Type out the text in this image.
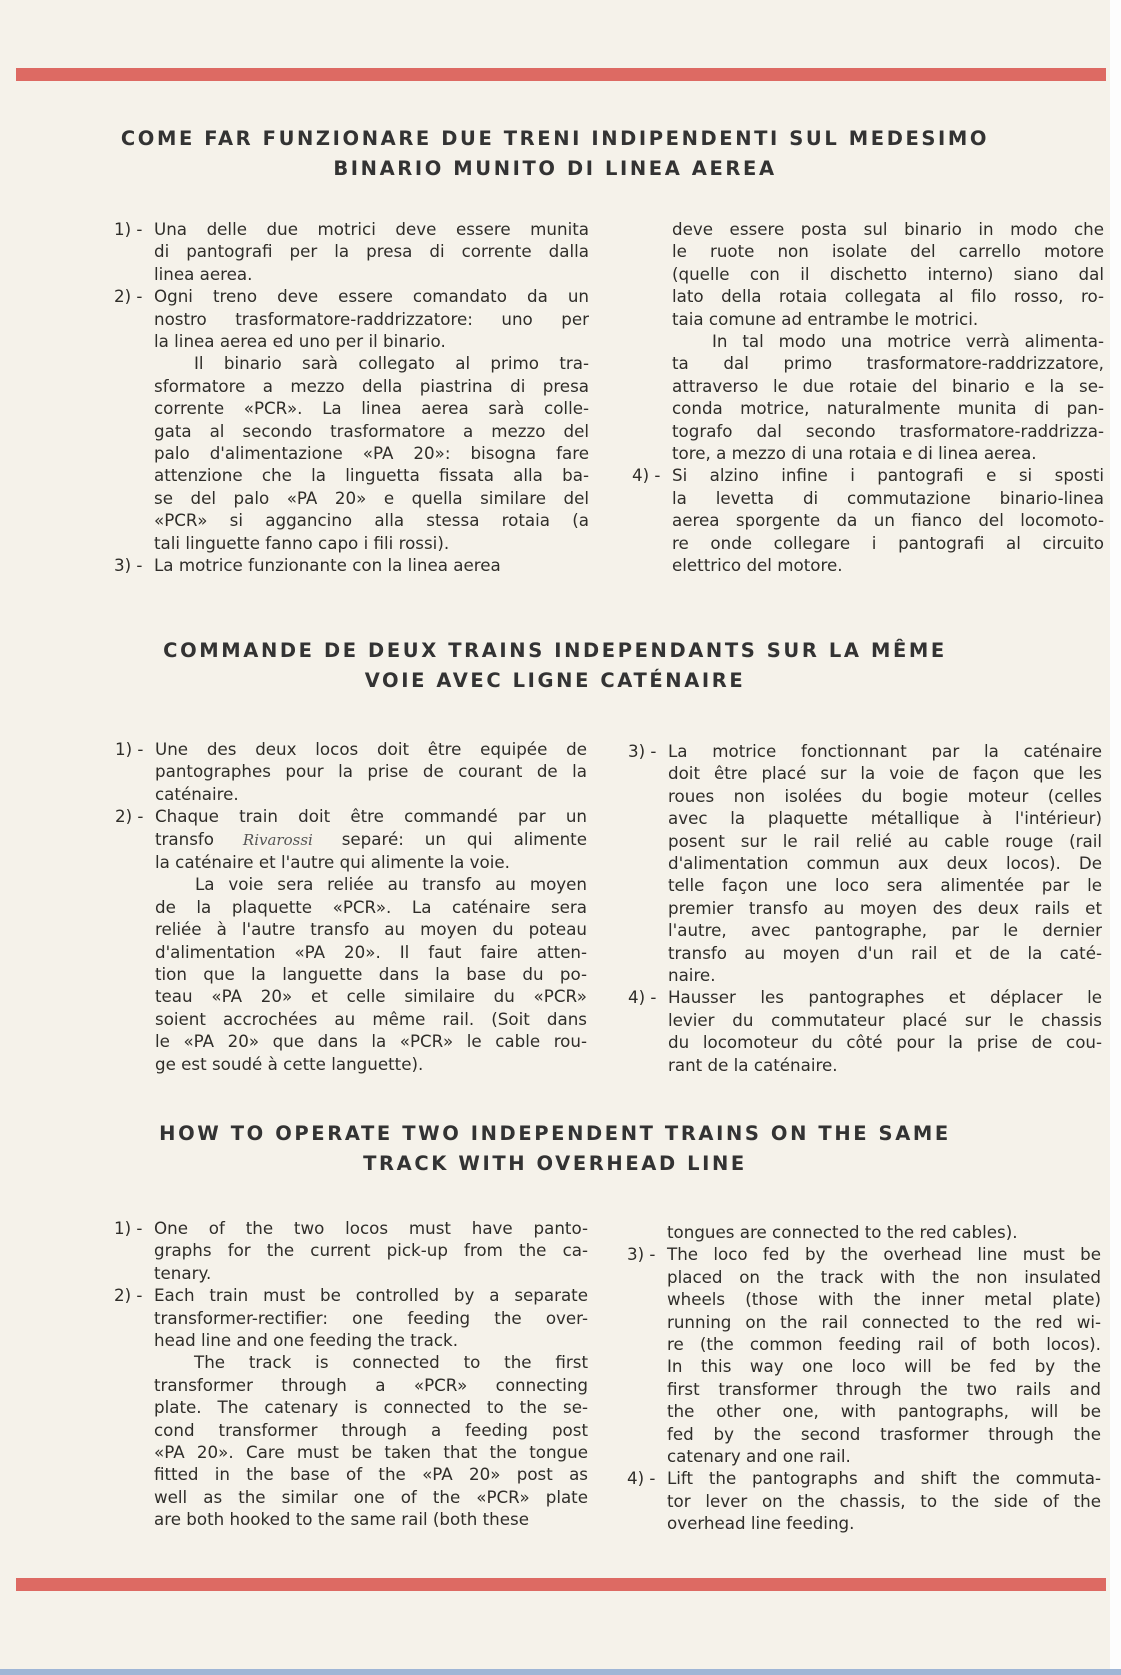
COME FAR FUNZIONARE DUE TRENI INDIPENDENTI SUL MEDESIMO
BINARIO MUNITO DI LINEA AEREA
1) - Una delle due motrici deve essere munita
di pantografi per la presa di corrente dalla
linea aerea.
2) - Ogni treno deve essere comandato da un
nostro trasformatore-raddrizzatore: uno per
la linea aerea ed uno per il binario.
Il binario sarà collegato al primo tra-
sformatore a mezzo della piastrina di presa
corrente «PCR». La linea aerea sarà colle-
gata al secondo trasformatore a mezzo del
palo d'alimentazione «PA 20»: bisogna fare
attenzione che la linguetta fissata alla ba-
se del palo «PA 20» e quella similare del
«PCR» si aggancino alla stessa rotaia (a
tali linguette fanno capo i fili rossi).
3) - La motrice funzionante con la linea aerea
deve essere posta sul binario in modo che
le ruote non isolate del carrello motore
(quelle con il dischetto interno) siano dal
lato della rotaia collegata al filo rosso, ro-
taia comune ad entrambe le motrici.
In tal modo una motrice verrà alimenta-
ta dal primo trasformatore-raddrizzatore,
attraverso le due rotaie del binario e la se-
conda motrice, naturalmente munita di pan-
tografo dal secondo trasformatore-raddrizza-
tore, a mezzo di una rotaia e di linea aerea.
4) - Si alzino infine i pantografi e si sposti
la levetta di commutazione binario-linea
aerea sporgente da un fianco del locomoto-
re onde collegare i pantografi al circuito
elettrico del motore.
COMMANDE DE DEUX TRAINS INDEPENDANTS SUR LA MÊME
VOIE AVEC LIGNE CATÉNAIRE
1) - Une des deux locos doit être equipée de
pantographes pour la prise de courant de la
caténaire.
2) - Chaque train doit être commandé par un
transfo Rivarossi separé: un qui alimente
la caténaire et l'autre qui alimente la voie.
La voie sera reliée au transfo au moyen
de la plaquette «PCR». La caténaire sera
reliée à l'autre transfo au moyen du poteau
d'alimentation «PA 20». Il faut faire atten-
tion que la languette dans la base du po-
teau «PA 20» et celle similaire du «PCR»
soient accrochées au même rail. (Soit dans
le «PA 20» que dans la «PCR» le cable rou-
ge est soudé à cette languette).
3) - La motrice fonctionnant par la caténaire
doit être placé sur la voie de façon que les
roues non isolées du bogie moteur (celles
avec la plaquette métallique à l'intérieur)
posent sur le rail relié au cable rouge (rail
d'alimentation commun aux deux locos). De
telle façon une loco sera alimentée par le
premier transfo au moyen des deux rails et
l'autre, avec pantographe, par le dernier
transfo au moyen d'un rail et de la caté-
naire.
4) - Hausser les pantographes et déplacer le
levier du commutateur placé sur le chassis
du locomoteur du côté pour la prise de cou-
rant de la caténaire.
HOW TO OPERATE TWO INDEPENDENT TRAINS ON THE SAME
TRACK WITH OVERHEAD LINE
1) - One of the two locos must have panto-
graphs for the current pick-up from the ca-
tenary.
2) - Each train must be controlled by a separate
transformer-rectifier: one feeding the over-
head line and one feeding the track.
The track is connected to the first
transformer through a «PCR» connecting
plate. The catenary is connected to the se-
cond transformer through a feeding post
«PA 20». Care must be taken that the tongue
fitted in the base of the «PA 20» post as
well as the similar one of the «PCR» plate
are both hooked to the same rail (both these
tongues are connected to the red cables).
3) - The loco fed by the overhead line must be
placed on the track with the non insulated
wheels (those with the inner metal plate)
running on the rail connected to the red wi-
re (the common feeding rail of both locos).
In this way one loco will be fed by the
first transformer through the two rails and
the other one, with pantographs, will be
fed by the second trasformer through the
catenary and one rail.
4) - Lift the pantographs and shift the commuta-
tor lever on the chassis, to the side of the
overhead line feeding.
